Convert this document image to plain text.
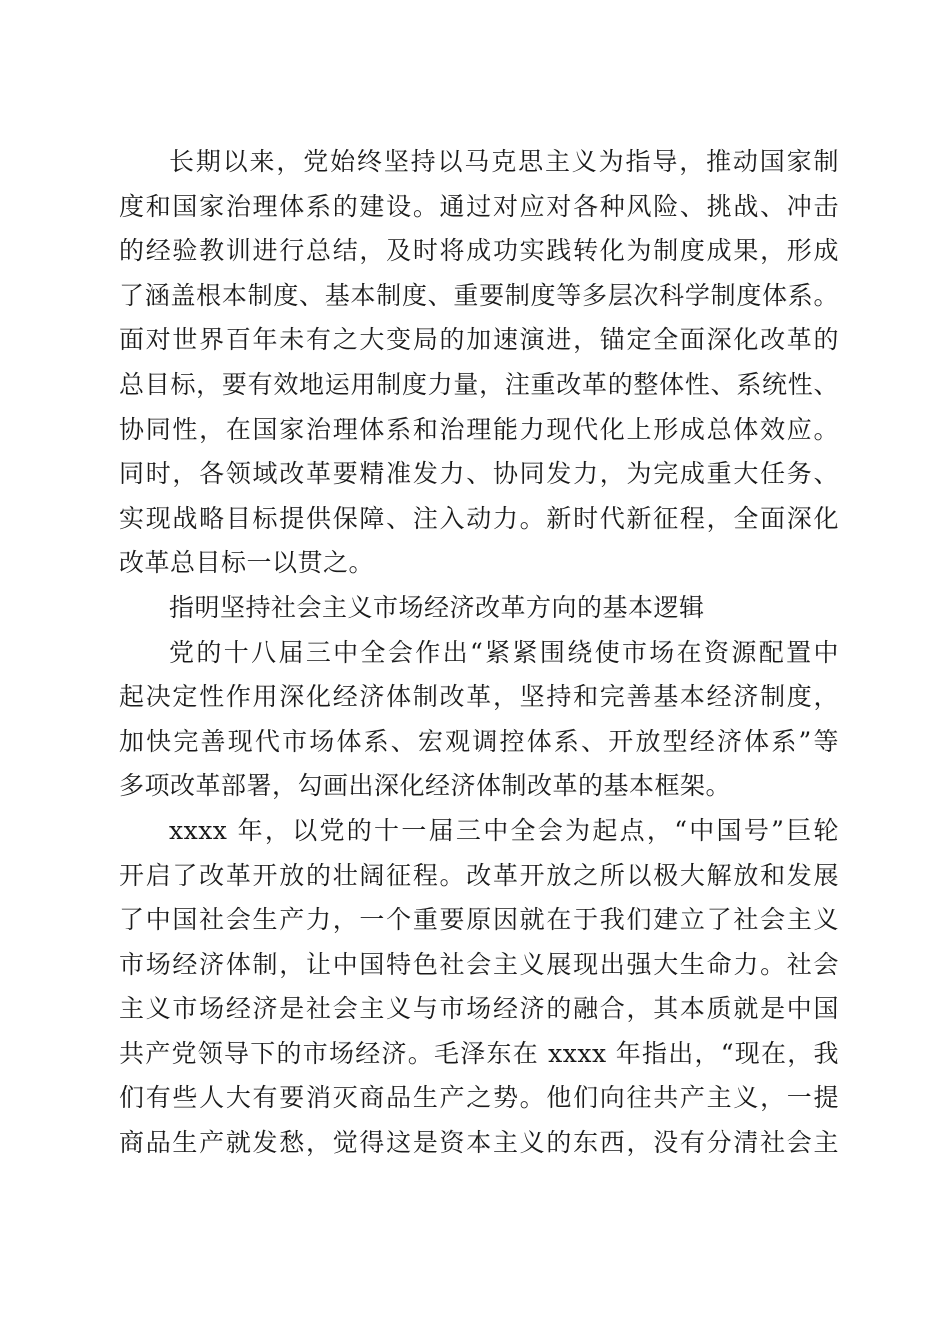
长期以来，党始终坚持以马克思主义为指导，推动国家制
度和国家治理体系的建设。通过对应对各种风险、挑战、冲击
的经验教训进行总结，及时将成功实践转化为制度成果，形成
了涵盖根本制度、基本制度、重要制度等多层次科学制度体系。
面对世界百年未有之大变局的加速演进，锚定全面深化改革的
总目标，要有效地运用制度力量，注重改革的整体性、系统性、
协同性，在国家治理体系和治理能力现代化上形成总体效应。
同时，各领域改革要精准发力、协同发力，为完成重大任务、
实现战略目标提供保障、注入动力。新时代新征程，全面深化
改革总目标一以贯之。
指明坚持社会主义市场经济改革方向的基本逻辑
党的十八届三中全会作出“紧紧围绕使市场在资源配置中
起决定性作用深化经济体制改革，坚持和完善基本经济制度，
加快完善现代市场体系、宏观调控体系、开放型经济体系”等
多项改革部署，勾画出深化经济体制改革的基本框架。
xxxx 年，以党的十一届三中全会为起点，“中国号”巨轮
开启了改革开放的壮阔征程。改革开放之所以极大解放和发展
了中国社会生产力，一个重要原因就在于我们建立了社会主义
市场经济体制，让中国特色社会主义展现出强大生命力。社会
主义市场经济是社会主义与市场经济的融合，其本质就是中国
共产党领导下的市场经济。毛泽东在 xxxx 年指出，“现在，我
们有些人大有要消灭商品生产之势。他们向往共产主义，一提
商品生产就发愁，觉得这是资本主义的东西，没有分清社会主
